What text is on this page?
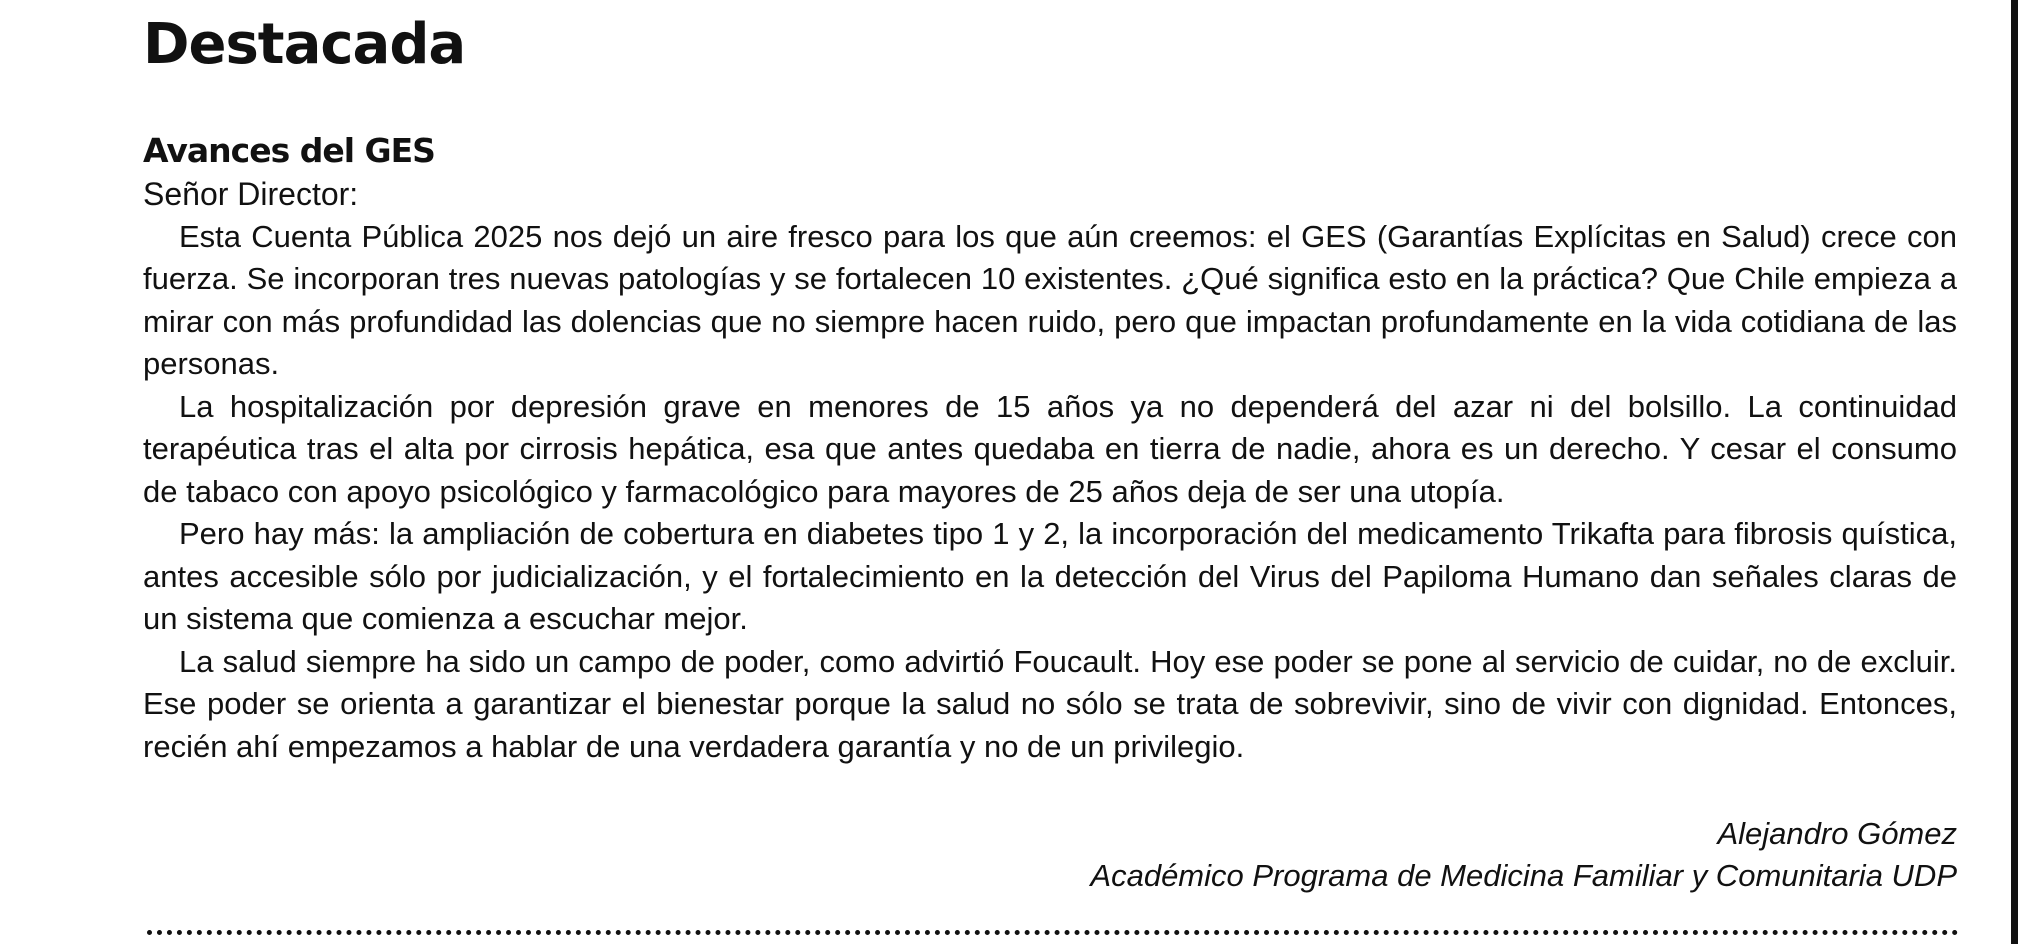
Destacada
Avances del GES

Señor Director:

Esta Cuenta Pública 2025 nos dejó un aire fresco para los que aún creemos: el GES (Garantías Explícitas en Salud) crece con fuerza. Se incorporan tres nuevas patologías y se fortalecen 10 existentes. ¿Qué significa esto en la práctica? Que Chile empieza a mirar con más profundidad las dolencias que no siempre hacen ruido, pero que impactan profundamente en la vida cotidiana de las personas.

La hospitalización por depresión grave en menores de 15 años ya no dependerá del azar ni del bolsillo. La continuidad terapéutica tras el alta por cirrosis hepática, esa que antes quedaba en tierra de nadie, ahora es un derecho. Y cesar el consumo de tabaco con apoyo psicológico y farmacológico para mayores de 25 años deja de ser una utopía.

Pero hay más: la ampliación de cobertura en diabetes tipo 1 y 2, la incorporación del medicamento Trikafta para fibrosis quística, antes accesible sólo por judicialización, y el fortalecimiento en la detección del Virus del Papiloma Humano dan señales claras de un sistema que comienza a escuchar mejor.

La salud siempre ha sido un campo de poder, como advirtió Foucault. Hoy ese poder se pone al servicio de cuidar, no de excluir. Ese poder se orienta a garantizar el bienestar porque la salud no sólo se trata de sobrevivir, sino de vivir con dignidad. Entonces, recién ahí empezamos a hablar de una verdadera garantía y no de un privilegio.

Alejandro Gómez
Académico Programa de Medicina Familiar y Comunitaria UDP
